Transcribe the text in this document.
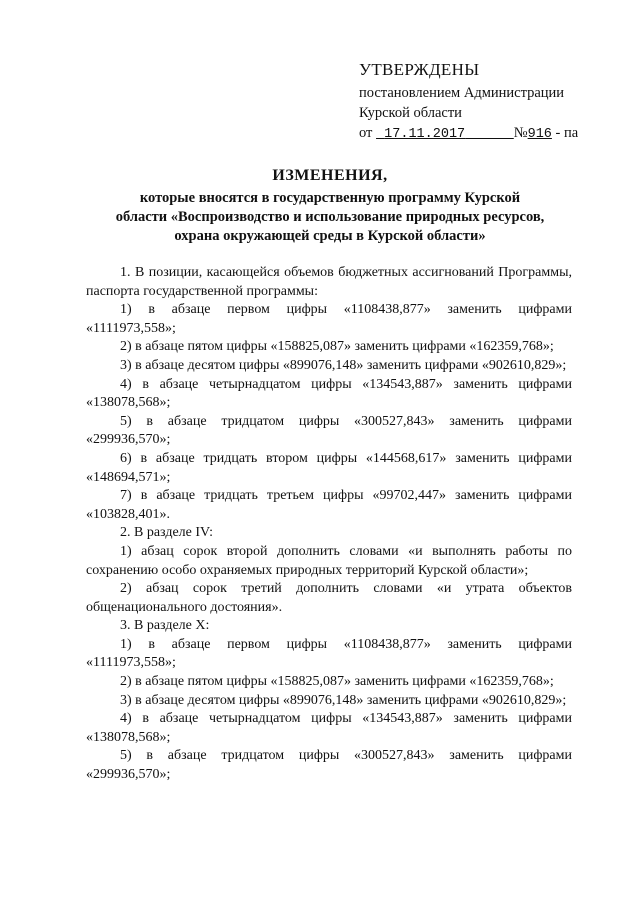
УТВЕРЖДЕНЫ
постановлением Администрации
Курской области
от  17.11.2017	№916 - па
ИЗМЕНЕНИЯ,
которые вносятся в государственную программу Курской
области «Воспроизводство и использование природных ресурсов,
охрана окружающей среды в Курской области»

1. В позиции, касающейся объемов бюджетных ассигнований Программы, паспорта государственной программы:

1) в абзаце первом цифры «1108438,877» заменить цифрами «1111973,558»;

2) в абзаце пятом цифры «158825,087» заменить цифрами «162359,768»;

3) в абзаце десятом цифры «899076,148» заменить цифрами «902610,829»;

4) в абзаце четырнадцатом цифры «134543,887» заменить цифрами «138078,568»;

5) в абзаце тридцатом цифры «300527,843» заменить цифрами «299936,570»;

6) в абзаце тридцать втором цифры «144568,617» заменить цифрами «148694,571»;

7) в абзаце тридцать третьем цифры «99702,447» заменить цифрами «103828,401».

2. В разделе IV:

1) абзац сорок второй дополнить словами «и выполнять работы по сохранению особо охраняемых природных территорий Курской области»;

2) абзац сорок третий дополнить словами «и утрата объектов общенационального достояния».

3. В разделе X:

1) в абзаце первом цифры «1108438,877» заменить цифрами «1111973,558»;

2) в абзаце пятом цифры «158825,087» заменить цифрами «162359,768»;

3) в абзаце десятом цифры «899076,148» заменить цифрами «902610,829»;

4) в абзаце четырнадцатом цифры «134543,887» заменить цифрами «138078,568»;

5) в абзаце тридцатом цифры «300527,843» заменить цифрами «299936,570»;
